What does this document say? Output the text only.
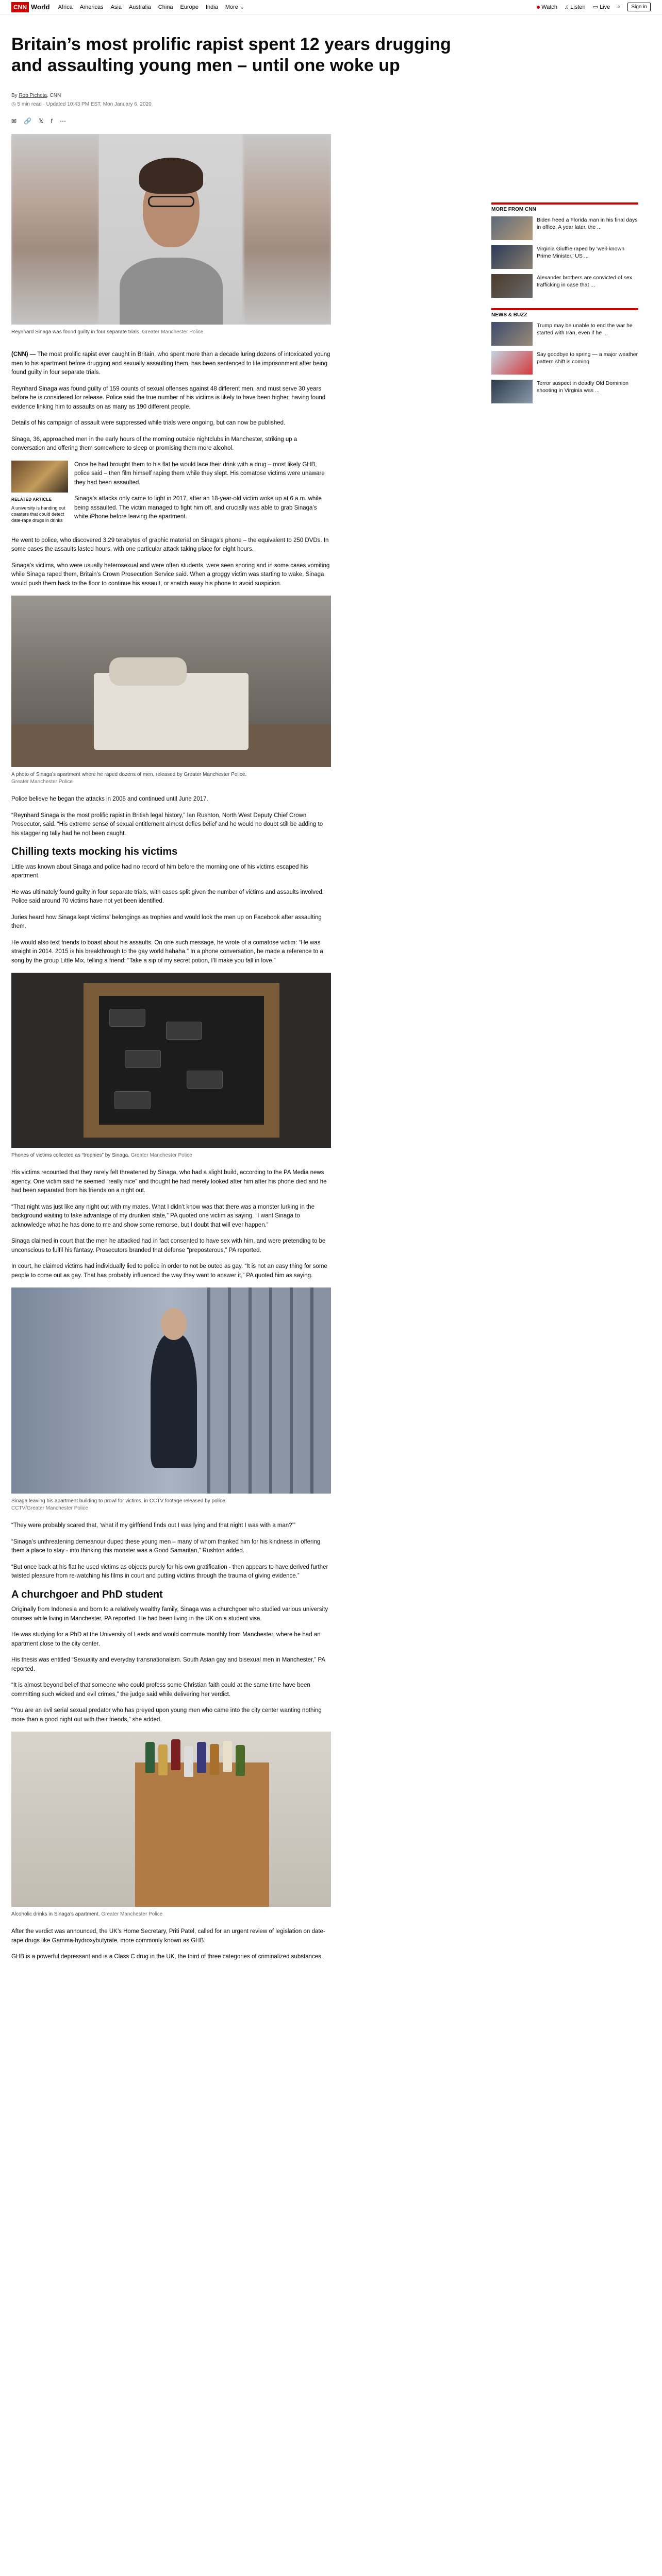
CNN World Africa Americas Asia Australia China Europe India More ⌄	Watch ♫ Listen ▭ Live ⌕	Sign in
Britain’s most prolific rapist spent 12 years drugging and assaulting young men – until one woke up
By Rob Picheta, CNN
◷ 5 min read · Updated 10:43 PM EST, Mon January 6, 2020
✉ 🔗 𝕏 f ⋯
Reynhard Sinaga was found guilty in four separate trials. Greater Manchester Police

(CNN) — The most prolific rapist ever caught in Britain, who spent more than a decade luring dozens of intoxicated young men to his apartment before drugging and sexually assaulting them, has been sentenced to life imprisonment after being found guilty in four separate trials.

Reynhard Sinaga was found guilty of 159 counts of sexual offenses against 48 different men, and must serve 30 years before he is considered for release. Police said the true number of his victims is likely to have been higher, having found evidence linking him to assaults on as many as 190 different people.

Details of his campaign of assault were suppressed while trials were ongoing, but can now be published.

Sinaga, 36, approached men in the early hours of the morning outside nightclubs in Manchester, striking up a conversation and offering them somewhere to sleep or promising them more alcohol.

RELATED ARTICLE
A university is handing out coasters that could detect date-rape drugs in drinks

Once he had brought them to his flat he would lace their drink with a drug – most likely GHB, police said – then film himself raping them while they slept. His comatose victims were unaware they had been assaulted.

Sinaga’s attacks only came to light in 2017, after an 18-year-old victim woke up at 6 a.m. while being assaulted. The victim managed to fight him off, and crucially was able to grab Sinaga’s white iPhone before leaving the apartment.

He went to police, who discovered 3.29 terabytes of graphic material on Sinaga’s phone – the equivalent to 250 DVDs. In some cases the assaults lasted hours, with one particular attack taking place for eight hours.

Sinaga’s victims, who were usually heterosexual and were often students, were seen snoring and in some cases vomiting while Sinaga raped them, Britain’s Crown Prosecution Service said. When a groggy victim was starting to wake, Sinaga would push them back to the floor to continue his assault, or snatch away his phone to avoid suspicion.

A photo of Sinaga’s apartment where he raped dozens of men, released by Greater Manchester Police.
Greater Manchester Police

Police believe he began the attacks in 2005 and continued until June 2017.

“Reynhard Sinaga is the most prolific rapist in British legal history,” Ian Rushton, North West Deputy Chief Crown Prosecutor, said. “His extreme sense of sexual entitlement almost defies belief and he would no doubt still be adding to his staggering tally had he not been caught.

Chilling texts mocking his victims

Little was known about Sinaga and police had no record of him before the morning one of his victims escaped his apartment.

He was ultimately found guilty in four separate trials, with cases split given the number of victims and assaults involved. Police said around 70 victims have not yet been identified.

Juries heard how Sinaga kept victims’ belongings as trophies and would look the men up on Facebook after assaulting them.

He would also text friends to boast about his assaults. On one such message, he wrote of a comatose victim: “He was straight in 2014. 2015 is his breakthrough to the gay world hahaha.” In a phone conversation, he made a reference to a song by the group Little Mix, telling a friend: “Take a sip of my secret potion, I’ll make you fall in love.”

Phones of victims collected as “trophies” by Sinaga. Greater Manchester Police

His victims recounted that they rarely felt threatened by Sinaga, who had a slight build, according to the PA Media news agency. One victim said he seemed “really nice” and thought he had merely looked after him after his phone died and he had been separated from his friends on a night out.

“That night was just like any night out with my mates. What I didn’t know was that there was a monster lurking in the background waiting to take advantage of my drunken state,” PA quoted one victim as saying. “I want Sinaga to acknowledge what he has done to me and show some remorse, but I doubt that will ever happen.”

Sinaga claimed in court that the men he attacked had in fact consented to have sex with him, and were pretending to be unconscious to fulfil his fantasy. Prosecutors branded that defense “preposterous,” PA reported.

In court, he claimed victims had individually lied to police in order to not be outed as gay. “It is not an easy thing for some people to come out as gay. That has probably influenced the way they want to answer it,” PA quoted him as saying.

Sinaga leaving his apartment building to prowl for victims, in CCTV footage released by police.
CCTV/Greater Manchester Police

“They were probably scared that, ‘what if my girlfriend finds out I was lying and that night I was with a man?’”

“Sinaga’s unthreatening demeanour duped these young men – many of whom thanked him for his kindness in offering them a place to stay - into thinking this monster was a Good Samaritan,” Rushton added.

“But once back at his flat he used victims as objects purely for his own gratification - then appears to have derived further twisted pleasure from re-watching his films in court and putting victims through the trauma of giving evidence.”

A churchgoer and PhD student

Originally from Indonesia and born to a relatively wealthy family, Sinaga was a churchgoer who studied various university courses while living in Manchester, PA reported. He had been living in the UK on a student visa.

He was studying for a PhD at the University of Leeds and would commute monthly from Manchester, where he had an apartment close to the city center.

His thesis was entitled “Sexuality and everyday transnationalism. South Asian gay and bisexual men in Manchester,” PA reported.

“It is almost beyond belief that someone who could profess some Christian faith could at the same time have been committing such wicked and evil crimes,” the judge said while delivering her verdict.

“You are an evil serial sexual predator who has preyed upon young men who came into the city center wanting nothing more than a good night out with their friends,” she added.

Alcoholic drinks in Sinaga’s apartment. Greater Manchester Police

After the verdict was announced, the UK’s Home Secretary, Priti Patel, called for an urgent review of legislation on date-rape drugs like Gamma-hydroxybutyrate, more commonly known as GHB.

GHB is a powerful depressant and is a Class C drug in the UK, the third of three categories of criminalized substances.

MORE FROM CNN
Biden freed a Florida man in his final days in office. A year later, the ...
Virginia Giuffre raped by ‘well-known Prime Minister,’ US ...
Alexander brothers are convicted of sex trafficking in case that ...
NEWS & BUZZ
Trump may be unable to end the war he started with Iran, even if he ...
Say goodbye to spring — a major weather pattern shift is coming
Terror suspect in deadly Old Dominion shooting in Virginia was ...
